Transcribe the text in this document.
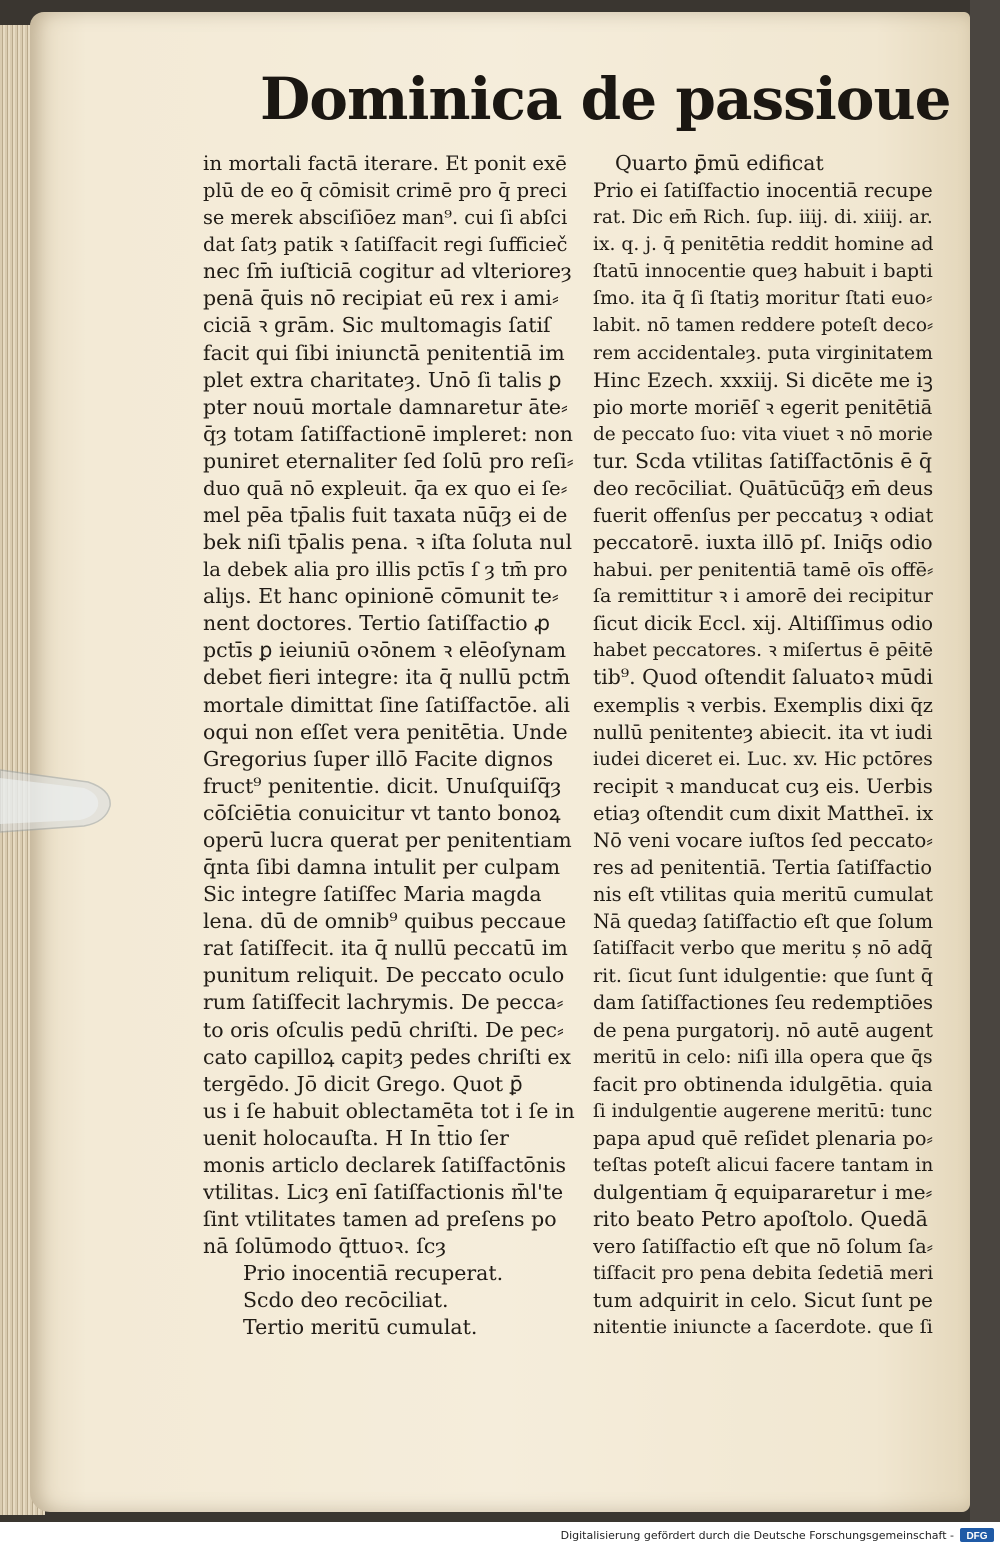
Dominica de passioue
in mortali factā iterare. Et ponit exē
plū de eo q̄ cōmisit crimē pro q̄ preci
se merek absciſiōez man⁹. cui ſi abſci
dat ſatȝ patik ꝛ ſatiſfacit regi ſufficieč
nec ſm̄ iuſticiā cogitur ad vlterioreȝ
penā q̄uis nō recipiat eū rex i ami⸗
ciciā ꝛ grām. Sic multomagis ſatiſ
facit qui ſibi iniunctā penitentiā im
plet extra charitateȝ. Unō ſi talis ꝑ
pter nouū mortale damnaretur āte⸗
q̄ȝ totam ſatiſfactionē impleret: non
puniret eternaliter ſed ſolū pro reſi⸗
duo quā nō expleuit. q̄a ex quo ei ſe⸗
mel pēa tp̄alis fuit taxata nūq̄ȝ ei de
bek niſi tp̄alis pena. ꝛ iſta ſoluta nul
la debek alia pro illis pctīs ſ ȝ tm̄ pro
aliȷs. Et hanc opinionē cōmunit te⸗
nent doctores. Tertio ſatiſfactio ꝓ
pctīs ꝑ ieiuniū oꝛōnem ꝛ elēoſynam
debet fieri integre: ita q̄ nullū pctm̄
mortale dimittat ſine ſatiſfactōe. ali
oqui non eſſet vera penitētia. Unde
Gregorius ſuper illō Facite dignos
fruct⁹ penitentie. dicit. Unuſquiſq̄ȝ
cōſciētia conuicitur vt tanto bonoꝝ
operū lucra querat per penitentiam
q̄nta ſibi damna intulit per culpam
Sic integre ſatiſfec Maria magda
lena. dū de omnib⁹ quibus peccaue
rat ſatiſfecit. ita q̄ nullū peccatū im
punitum reliquit. De peccato oculo
rum ſatiſfecit lachrymis. De pecca⸗
to oris oſculis pedū chriſti. De pec⸗
cato capilloꝝ capitȝ pedes chriſti ex
tergēdo. Jō dicit Grego. Quot ꝑ̄
us i ſe habuit oblectamēta tot i ſe in
uenit holocauſta. H In t̄tio ſer
monis articlo declarek ſatiſfactōnis
vtilitas. Licȝ enī ſatiſfactionis m̄l'te
ſint vtilitates tamen ad preſens po
nā ſolūmodo q̄ttuoꝛ. ſcȝ
Prio inocentiā recuperat.
Scdo deo recōciliat.
Tertio meritū cumulat.
Quarto ꝑ̄mū edificat
Prio ei ſatiſfactio inocentiā recupe
rat. Dic em̄ Rich. ſup. iiij. di. xiiij. ar.
ix. q. j. q̄ penitētia reddit homine ad
ſtatū innocentie queȝ habuit i bapti
ſmo. ita q̄ ſi ſtatiȝ moritur ſtati euo⸗
labit. nō tamen reddere poteſt deco⸗
rem accidentaleȝ. puta virginitatem
Hinc Ezech. xxxiij. Si dicēte me iꝫ
pio morte moriēſ ꝛ egerit penitētiā
de peccato ſuo: vita viuet ꝛ nō morie
tur. Scda vtilitas ſatiſfactōnis ē q̄
deo recōciliat. Quātūcūq̄ȝ em̄ deus
fuerit offenſus per peccatuȝ ꝛ odiat
peccatorē. iuxta illō pſ. Iniq̄s odio
habui. per penitentiā tamē oīs offē⸗
ſa remittitur ꝛ i amorē dei recipitur
ſicut dicik Eccl. xij. Altiſſimus odio
habet peccatores. ꝛ miſertus ē pēitē
tib⁹. Quod oſtendit ſaluatoꝛ mūdi
exemplis ꝛ verbis. Exemplis dixi q̄z
nullū penitenteȝ abiecit. ita vt iudi
iudei diceret ei. Luc. xv. Hic pctōres
recipit ꝛ manducat cuȝ eis. Uerbis
etiaȝ oſtendit cum dixit Mattheī. ix
Nō veni vocare iuſtos ſed peccato⸗
res ad penitentiā. Tertia ſatiſfactio
nis eſt vtilitas quia meritū cumulat
Nā quedaȝ ſatiſfactio eſt que ſolum
ſatiſfacit verbo que meritu ș nō adq̄
rit. ſicut ſunt idulgentie: que ſunt q̄
dam ſatiſfactiones ſeu redemptiōes
de pena purgatoriȷ. nō autē augent
meritū in celo: niſi illa opera que q̄s
facit pro obtinenda idulgētia. quia
ſi indulgentie augerene meritū: tunc
papa apud quē reſidet plenaria po⸗
teſtas poteſt alicui facere tantam in
dulgentiam q̄ equipararetur i me⸗
rito beato Petro apoſtolo. Quedā
vero ſatiſfactio eſt que nō ſolum ſa⸗
tiſfacit pro pena debita ſedetiā meri
tum adquirit in celo. Sicut ſunt pe
nitentie iniuncte a ſacerdote. que ſi
Digitalisierung gefördert durch die Deutsche Forschungsgemeinschaft - DFG
